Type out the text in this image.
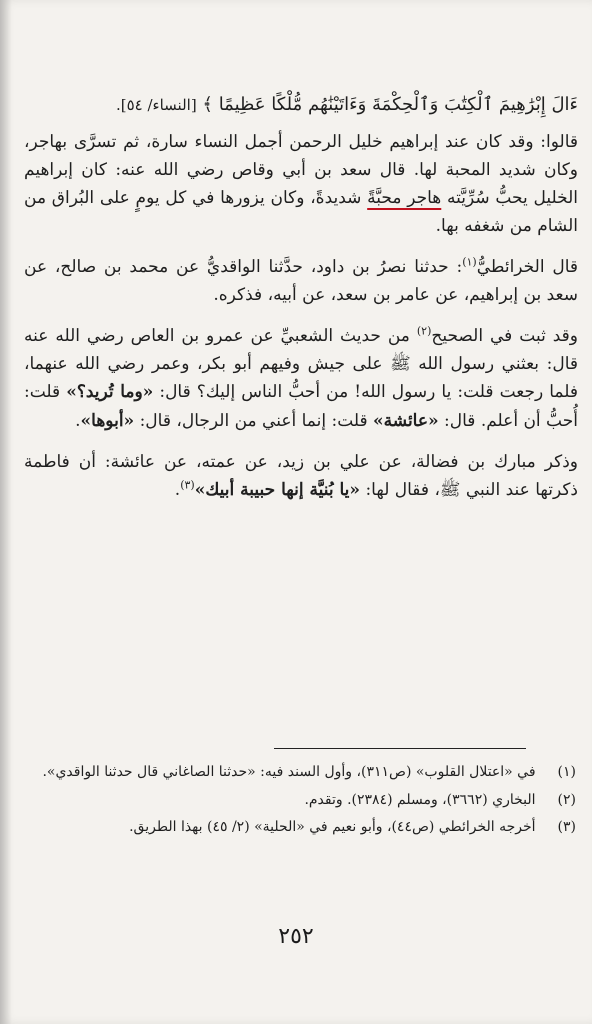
ءَالَ إِبْرَٰهِيمَ ٱلْكِتَٰبَ وَٱلْحِكْمَةَ وَءَاتَيْنَٰهُم مُّلْكًا عَظِيمًا ﴾ [النساء/ ٥٤].

قالوا: وقد كان عند إبراهيم خليل الرحمن أجمل النساء سارة، ثم تسرَّى بهاجر، وكان شديد المحبة لها. قال سعد بن أبي وقاص رضي الله عنه: كان إبراهيم الخليل يحبُّ سُرِّيَّته هاجر محبَّةً شديدةً، وكان يزورها في كل يومٍ على البُراق من الشام من شغفه بها.

قال الخرائطيُّ$^{(١)}$: حدثنا نصرُ بن داود، حدَّثنا الواقديُّ عن محمد بن صالح، عن سعد بن إبراهيم، عن عامر بن سعد، عن أبيه، فذكره.

وقد ثبت في الصحيح$^{(٢)}$ من حديث الشعبيِّ عن عمرو بن العاص رضي الله عنه قال: بعثني رسول الله ﷺ على جيش وفيهم أبو بكر، وعمر رضي الله عنهما، فلما رجعت قلت: يا رسول الله! من أحبُّ الناس إليك؟ قال: «وما تُريد؟» قلت: أُحبُّ أن أعلم. قال: «عائشة» قلت: إنما أعني من الرجال، قال: «أبوها».

وذكر مبارك بن فضالة، عن علي بن زيد، عن عمته، عن عائشة: أن فاطمة ذكرتها عند النبي ﷺ، فقال لها: «يا بُنيَّة إنها حبيبة أبيك»$^{(٣)}$.

(١) في «اعتلال القلوب» (ص٣١١)، وأول السند فيه: «حدثنا الصاغاني قال حدثنا الواقدي».

(٢) البخاري (٣٦٦٢)، ومسلم (٢٣٨٤). وتقدم.

(٣) أخرجه الخرائطي (ص٤٤)، وأبو نعيم في «الحلية» (٢/ ٤٥) بهذا الطريق.

٢٥٢
